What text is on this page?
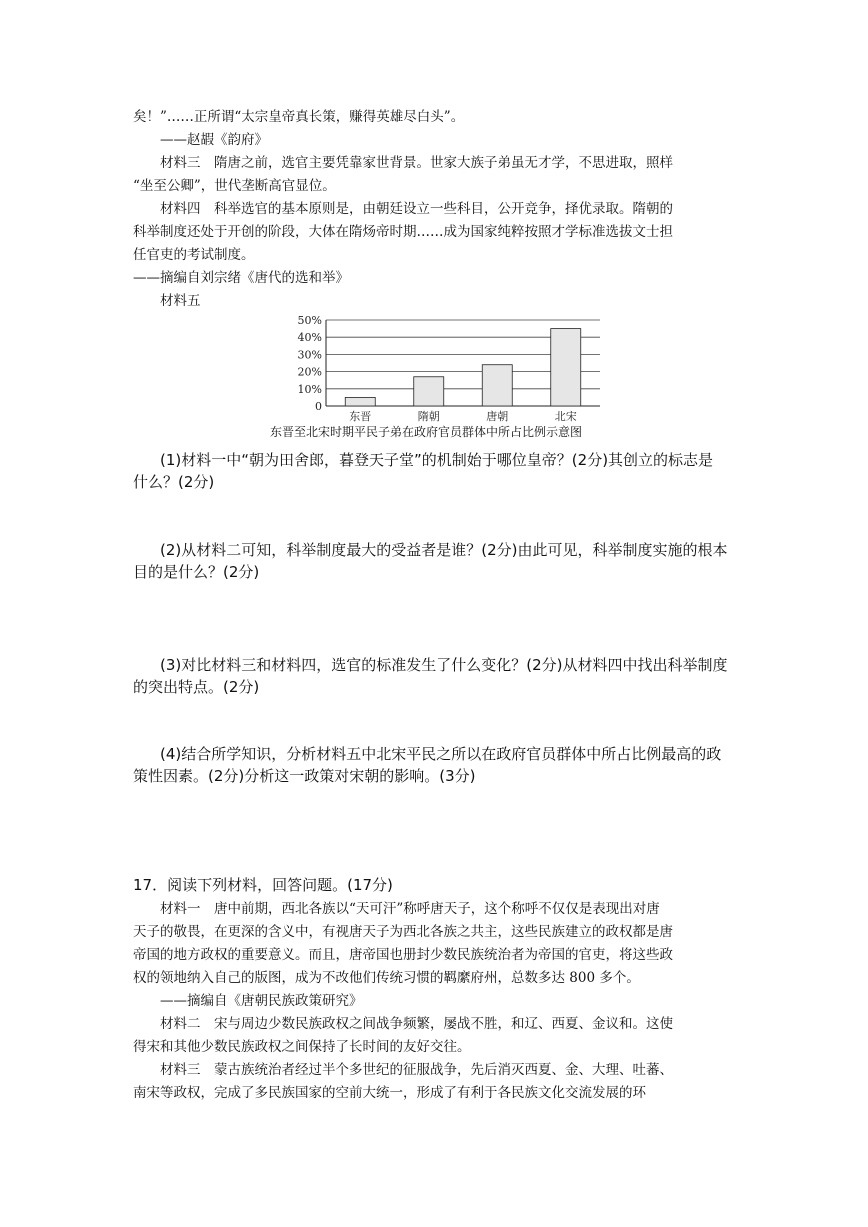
矣！”……正所谓“太宗皇帝真长策，赚得英雄尽白头”。
——赵嘏《韵府》
材料三　隋唐之前，选官主要凭靠家世背景。世家大族子弟虽无才学，不思进取，照样
“坐至公卿”，世代垄断高官显位。
材料四　科举选官的基本原则是，由朝廷设立一些科目，公开竞争，择优录取。隋朝的
科举制度还处于开创的阶段，大体在隋炀帝时期……成为国家纯粹按照才学标准选拔文士担
任官吏的考试制度。
——摘编自刘宗绪《唐代的选和举》
材料五
0
10%
20%
30%
40%
50%
东晋	隋朝	唐朝	北宋
东晋至北宋时期平民子弟在政府官员群体中所占比例示意图
(1)材料一中“朝为田舍郎，暮登天子堂”的机制始于哪位皇帝？(2分)其创立的标志是
什么？(2分)
(2)从材料二可知，科举制度最大的受益者是谁？(2分)由此可见，科举制度实施的根本
目的是什么？(2分)
(3)对比材料三和材料四，选官的标准发生了什么变化？(2分)从材料四中找出科举制度
的突出特点。(2分)
(4)结合所学知识，分析材料五中北宋平民之所以在政府官员群体中所占比例最高的政
策性因素。(2分)分析这一政策对宋朝的影响。(3分)
17．阅读下列材料，回答问题。(17分)
材料一　唐中前期，西北各族以“天可汗”称呼唐天子，这个称呼不仅仅是表现出对唐
天子的敬畏，在更深的含义中，有视唐天子为西北各族之共主，这些民族建立的政权都是唐
帝国的地方政权的重要意义。而且，唐帝国也册封少数民族统治者为帝国的官吏，将这些政
权的领地纳入自己的版图，成为不改他们传统习惯的羁縻府州，总数多达 800 多个。
——摘编自《唐朝民族政策研究》
材料二　宋与周边少数民族政权之间战争频繁，屡战不胜，和辽、西夏、金议和。这使
得宋和其他少数民族政权之间保持了长时间的友好交往。
材料三　蒙古族统治者经过半个多世纪的征服战争，先后消灭西夏、金、大理、吐蕃、
南宋等政权，完成了多民族国家的空前大统一，形成了有利于各民族文化交流发展的环
